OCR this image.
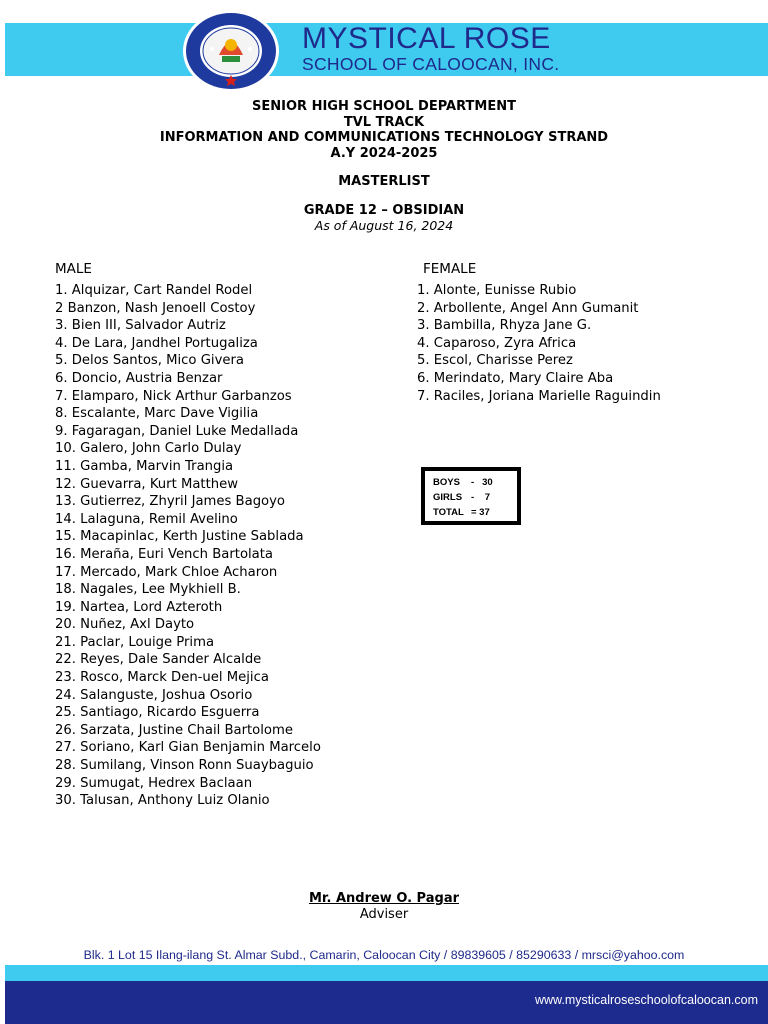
MYSTICAL ROSE
SCHOOL OF CALOOCAN, INC.
SENIOR HIGH SCHOOL DEPARTMENT
TVL TRACK
INFORMATION AND COMMUNICATIONS TECHNOLOGY STRAND
A.Y 2024-2025
MASTERLIST
GRADE 12 – OBSIDIAN
As of August 16, 2024
MALE	FEMALE
1. Alquizar, Cart Randel Rodel
2 Banzon, Nash Jenoell Costoy
3. Bien III, Salvador Autriz
4. De Lara, Jandhel Portugaliza
5. Delos Santos, Mico Givera
6. Doncio, Austria Benzar
7. Elamparo, Nick Arthur Garbanzos
8. Escalante, Marc Dave Vigilia
9. Fagaragan, Daniel Luke Medallada
10. Galero, John Carlo Dulay
11. Gamba, Marvin Trangia
12. Guevarra, Kurt Matthew
13. Gutierrez, Zhyril James Bagoyo
14. Lalaguna, Remil Avelino
15. Macapinlac, Kerth Justine Sablada
16. Meraña, Euri Vench Bartolata
17. Mercado, Mark Chloe Acharon
18. Nagales, Lee Mykhiell B.
19. Nartea, Lord Azteroth
20. Nuñez, Axl Dayto
21. Paclar, Louige Prima
22. Reyes, Dale Sander Alcalde
23. Rosco, Marck Den-uel Mejica
24. Salanguste, Joshua Osorio
25. Santiago, Ricardo Esguerra
26. Sarzata, Justine Chail Bartolome
27. Soriano, Karl Gian Benjamin Marcelo
28. Sumilang, Vinson Ronn Suaybaguio
29. Sumugat, Hedrex Baclaan
30. Talusan, Anthony Luiz Olanio
1. Alonte, Eunisse Rubio
2. Arbollente, Angel Ann Gumanit
3. Bambilla, Rhyza Jane G.
4. Caparoso, Zyra Africa
5. Escol, Charisse Perez
6. Merindato, Mary Claire Aba
7. Raciles, Joriana Marielle Raguindin
BOYS -   30
GIRLS -    7
TOTAL = 37
Mr. Andrew O. Pagar
Adviser
Blk. 1 Lot 15 Ilang-ilang St. Almar Subd., Camarin, Caloocan City / 89839605 / 85290633 / mrsci@yahoo.com
www.mysticalroseschoolofcaloocan.com
